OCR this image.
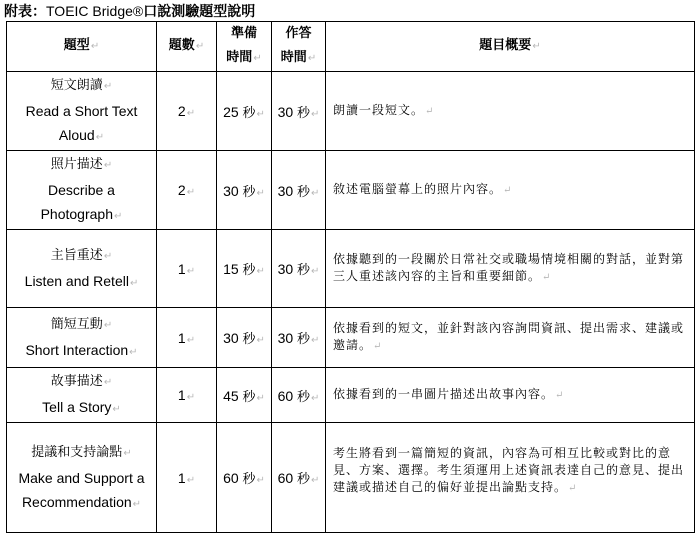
附表：TOEIC Bridge®口說測驗題型說明
題型↵	題數↵	準備
時間↵	作答
時間↵	題目概要↵

短文朗讀↵
Read a Short Text Aloud↵	2↵	25 秒↵	30 秒↵	朗讀一段短文。↵

照片描述↵
Describe a Photograph↵	2↵	30 秒↵	30 秒↵	敘述電腦螢幕上的照片內容。↵

主旨重述↵
Listen and Retell↵	1↵	15 秒↵	30 秒↵	依據聽到的一段關於日常社交或職場情境相關的對話，並對第三人重述該內容的主旨和重要細節。↵

簡短互動↵
Short Interaction↵	1↵	30 秒↵	30 秒↵	依據看到的短文，並針對該內容詢問資訊、提出需求、建議或邀請。↵

故事描述↵
Tell a Story↵	1↵	45 秒↵	60 秒↵	依據看到的一串圖片描述出故事內容。↵

提議和支持論點↵
Make and Support a Recommendation↵	1↵	60 秒↵	60 秒↵	考生將看到一篇簡短的資訊，內容為可相互比較或對比的意見、方案、選擇。考生須運用上述資訊表達自己的意見、提出建議或描述自己的偏好並提出論點支持。↵
